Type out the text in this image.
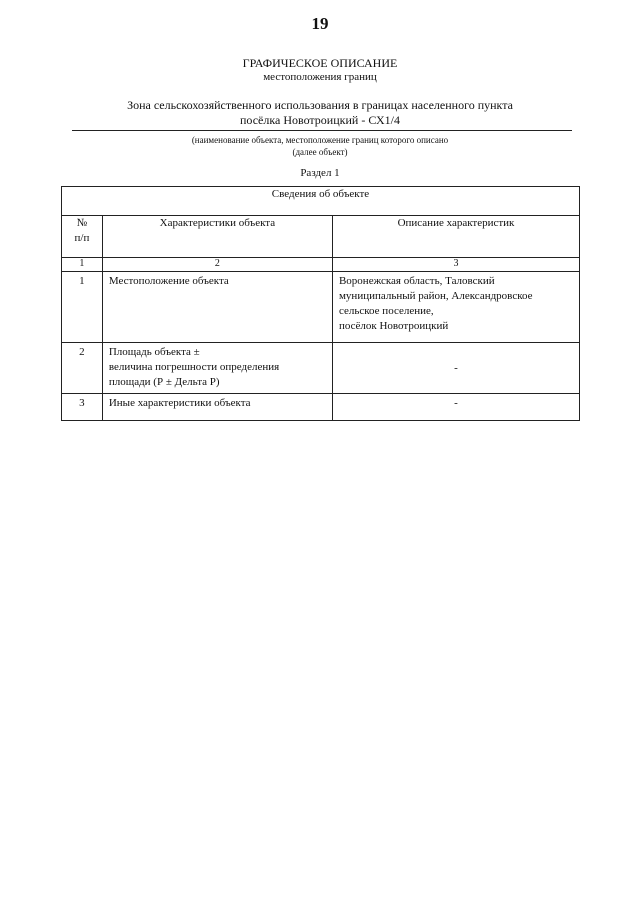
19
ГРАФИЧЕСКОЕ ОПИСАНИЕ
местоположения границ
Зона сельскохозяйственного использования в границах населенного пункта
посёлка Новотроицкий - СХ1/4
(наименование объекта, местоположение границ которого описано
(далее объект)
Раздел 1
Сведения об объекте		

№
п/п	Характеристики объекта	Описание характеристик
1	2	3

1	Местоположение объекта	Воронежская область, Таловский
муниципальный район, Александровское
сельское поселение,
посёлок Новотроицкий

2	Площадь объекта ±
величина погрешности определения
площади (Р ± Дельта Р)	-

3	Иные характеристики объекта	-
